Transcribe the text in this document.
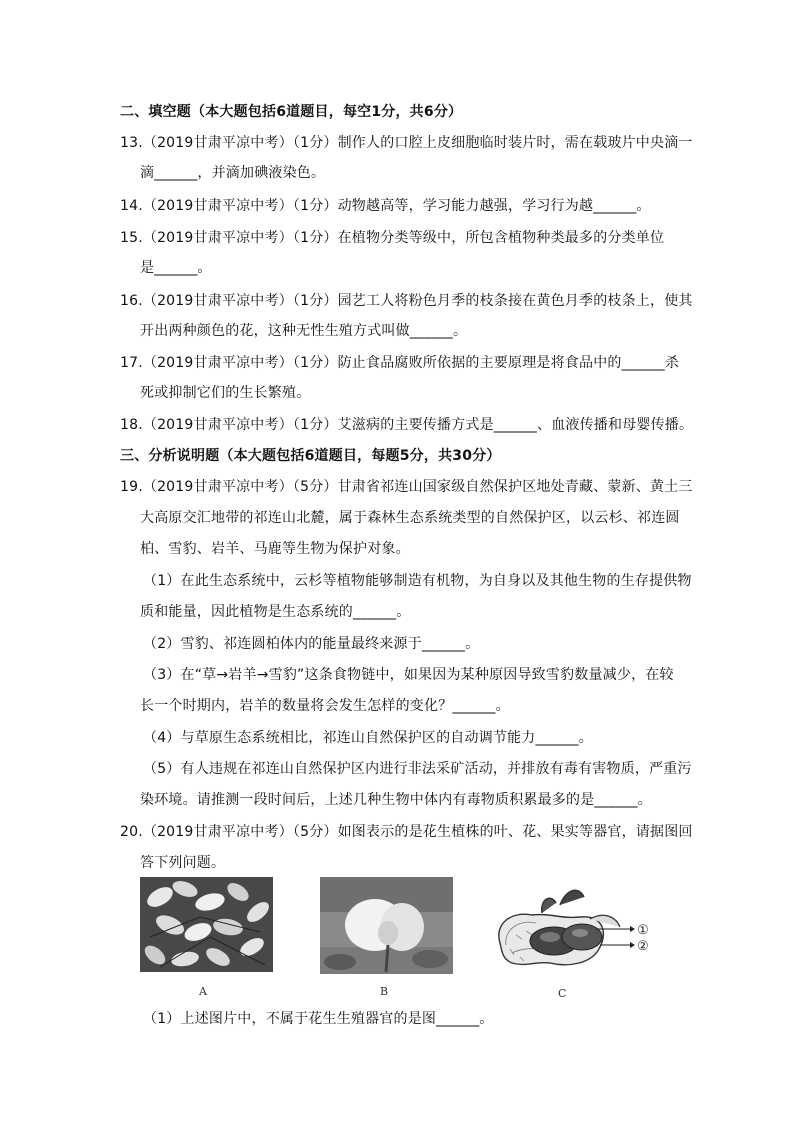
二、填空题（本大题包括6道题目，每空1分，共6分）
13.（2019甘肃平凉中考）（1分）制作人的口腔上皮细胞临时装片时，需在载玻片中央滴一
滴______，并滴加碘液染色。
14.（2019甘肃平凉中考）（1分）动物越高等，学习能力越强，学习行为越______。
15.（2019甘肃平凉中考）（1分）在植物分类等级中，所包含植物种类最多的分类单位
是______。
16.（2019甘肃平凉中考）（1分）园艺工人将粉色月季的枝条接在黄色月季的枝条上，使其
开出两种颜色的花，这种无性生殖方式叫做______。
17.（2019甘肃平凉中考）（1分）防止食品腐败所依据的主要原理是将食品中的______杀
死或抑制它们的生长繁殖。
18.（2019甘肃平凉中考）（1分）艾滋病的主要传播方式是______、血液传播和母婴传播。
三、分析说明题（本大题包括6道题目，每题5分，共30分）
19.（2019甘肃平凉中考）（5分）甘肃省祁连山国家级自然保护区地处青藏、蒙新、黄土三
大高原交汇地带的祁连山北麓，属于森林生态系统类型的自然保护区，以云杉、祁连圆
柏、雪豹、岩羊、马鹿等生物为保护对象。
（1）在此生态系统中，云杉等植物能够制造有机物，为自身以及其他生物的生存提供物
质和能量，因此植物是生态系统的______。
（2）雪豹、祁连圆柏体内的能量最终来源于______。
（3）在“草→岩羊→雪豹”这条食物链中，如果因为某种原因导致雪豹数量减少，在较
长一个时期内，岩羊的数量将会发生怎样的变化？______。
（4）与草原生态系统相比，祁连山自然保护区的自动调节能力______。
（5）有人违规在祁连山自然保护区内进行非法采矿活动，并排放有毒有害物质，严重污
染环境。请推测一段时间后，上述几种生物中体内有毒物质积累最多的是______。
20.（2019甘肃平凉中考）（5分）如图表示的是花生植株的叶、花、果实等器官，请据图回
答下列问题。
A	B
①
②
C
（1）上述图片中，不属于花生生殖器官的是图______。
